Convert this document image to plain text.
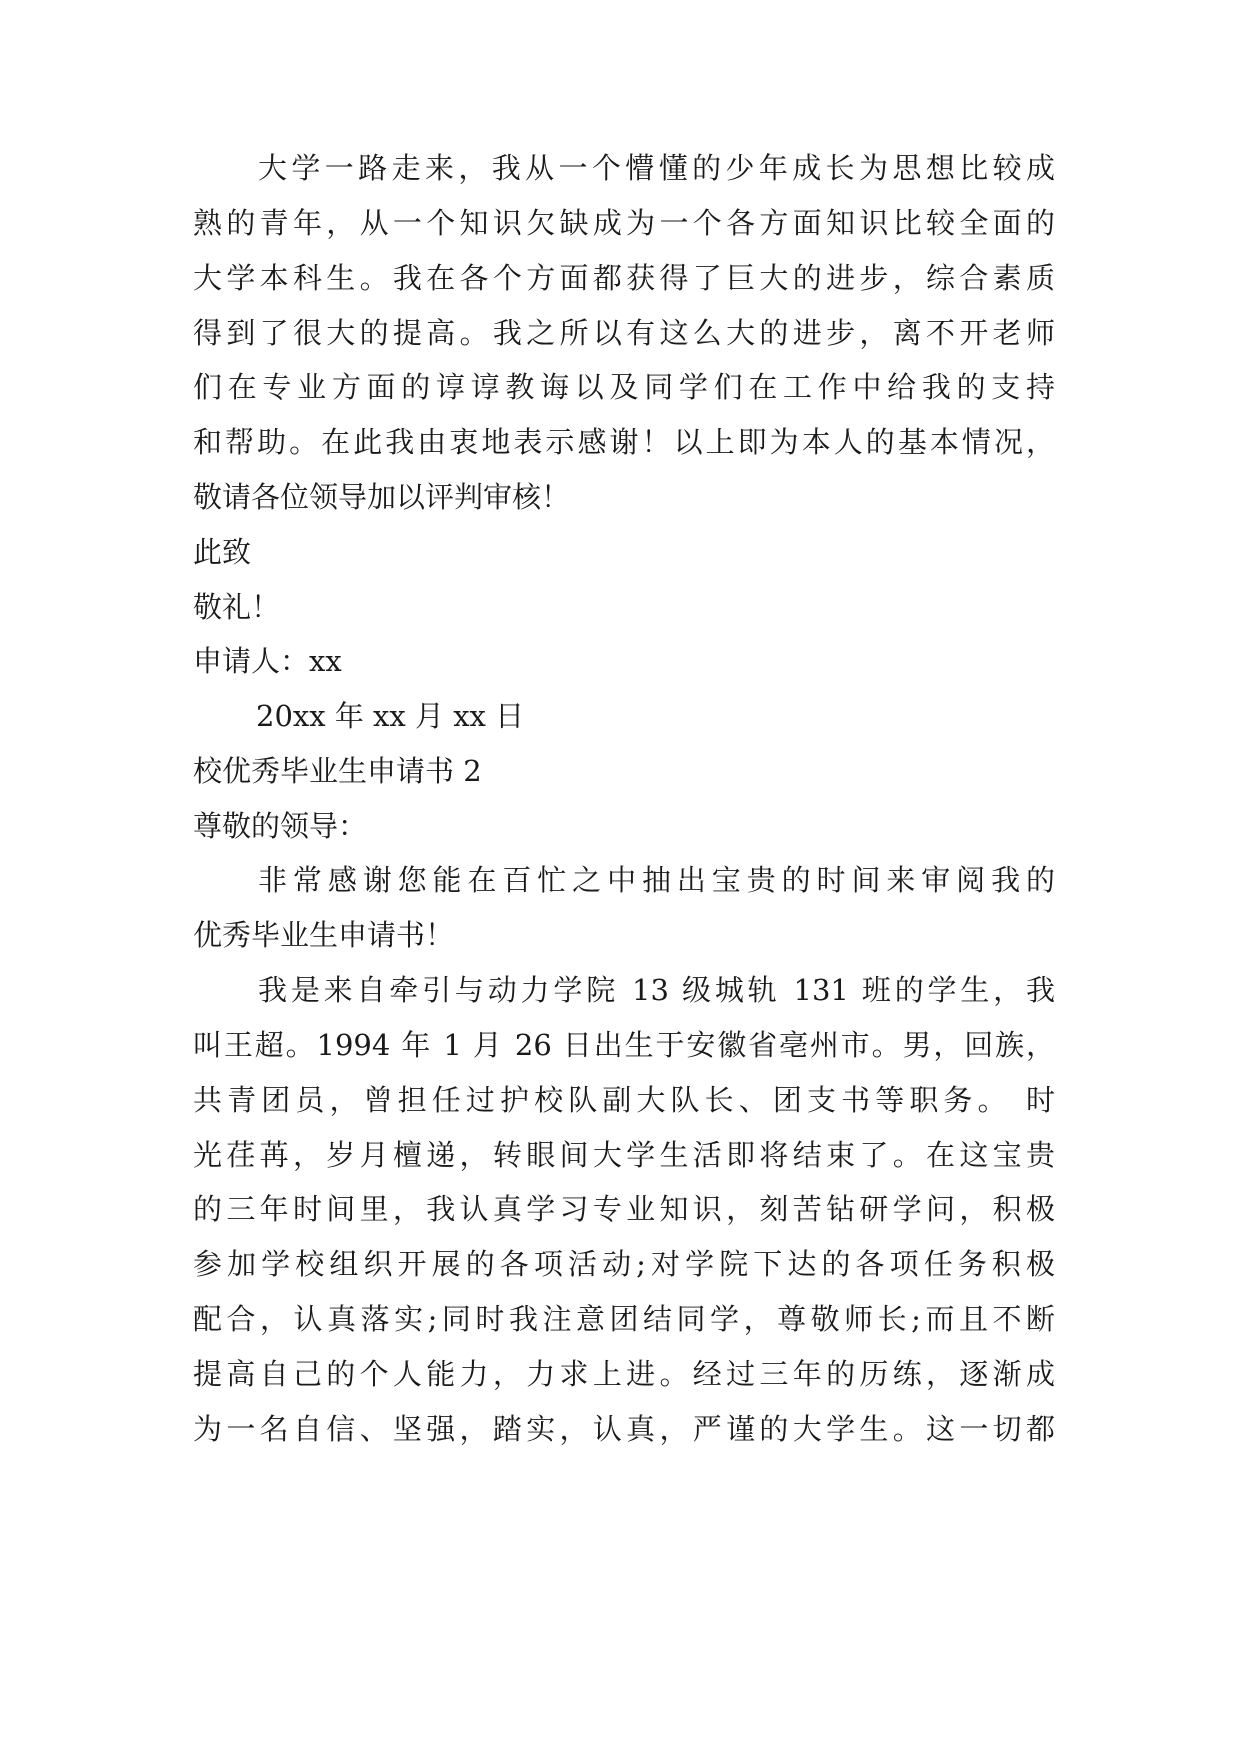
大学一路走来，我从一个懵懂的少年成长为思想比较成

熟的青年，从一个知识欠缺成为一个各方面知识比较全面的

大学本科生。我在各个方面都获得了巨大的进步，综合素质

得到了很大的提高。我之所以有这么大的进步，离不开老师

们在专业方面的谆谆教诲以及同学们在工作中给我的支持

和帮助。在此我由衷地表示感谢！以上即为本人的基本情况，

敬请各位领导加以评判审核！

此致

敬礼！

申请人：xx

20xx 年 xx 月 xx 日

校优秀毕业生申请书 2

尊敬的领导：

非常感谢您能在百忙之中抽出宝贵的时间来审阅我的

优秀毕业生申请书！

我是来自牵引与动力学院 13 级城轨 131 班的学生，我

叫王超。1994 年 1 月 26 日出生于安徽省亳州市。男，回族，

共青团员，曾担任过护校队副大队长、团支书等职务。 时

光荏苒，岁月檀递，转眼间大学生活即将结束了。在这宝贵

的三年时间里，我认真学习专业知识，刻苦钻研学问，积极

参加学校组织开展的各项活动;对学院下达的各项任务积极

配合，认真落实;同时我注意团结同学，尊敬师长;而且不断

提高自己的个人能力，力求上进。经过三年的历练，逐渐成

为一名自信、坚强，踏实，认真，严谨的大学生。这一切都
